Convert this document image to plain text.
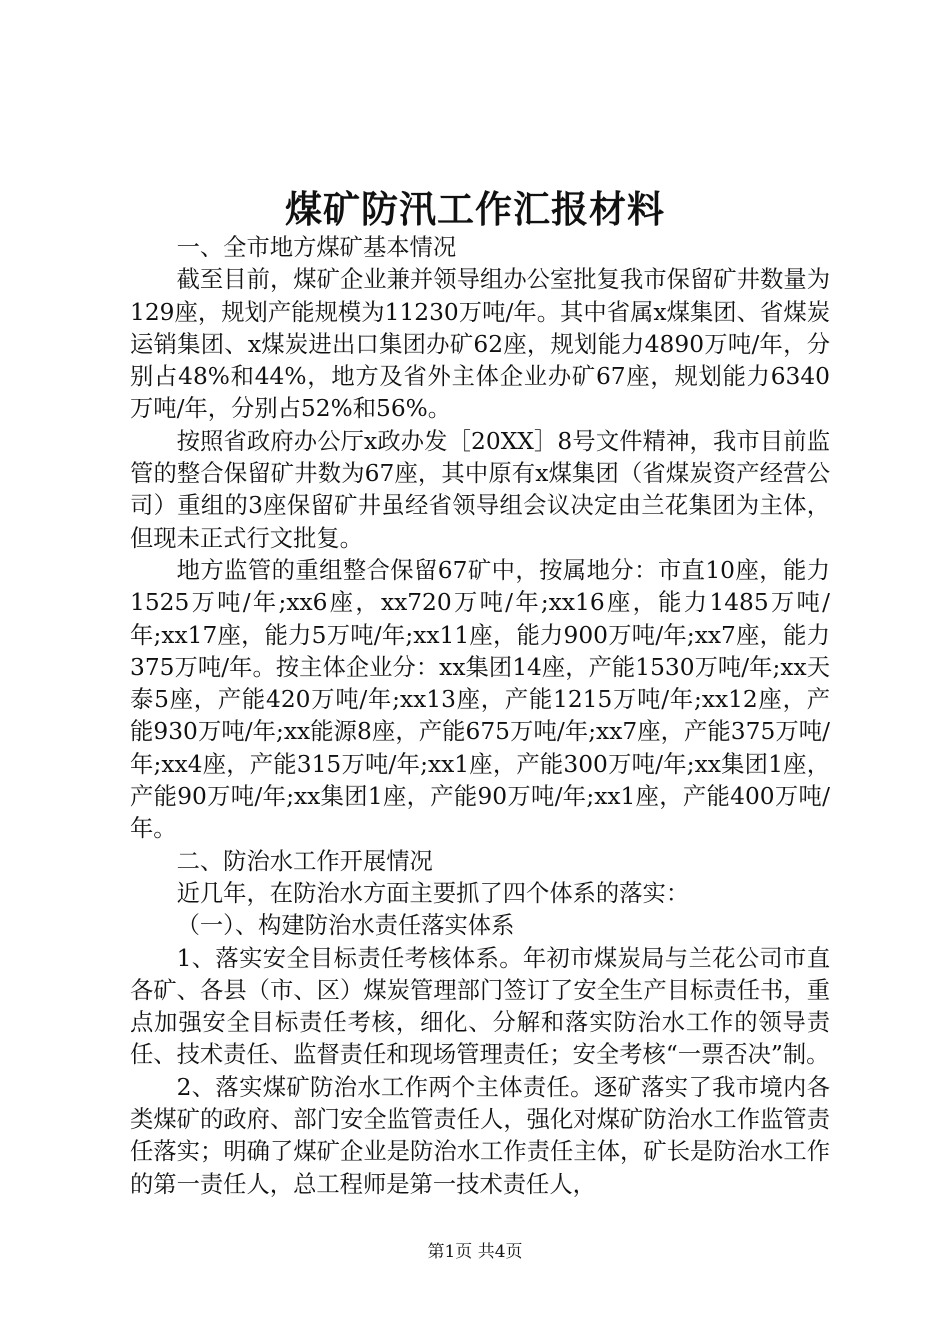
煤矿防汛工作汇报材料

一、全市地方煤矿基本情况

截至目前，煤矿企业兼并领导组办公室批复我市保留矿井数量为129座，规划产能规模为11230万吨/年。其中省属x煤集团、省煤炭运销集团、x煤炭进出口集团办矿62座，规划能力4890万吨/年，分别占48%和44%，地方及省外主体企业办矿67座，规划能力6340万吨/年，分别占52%和56%。

按照省政府办公厅x政办发［20XX］8号文件精神，我市目前监管的整合保留矿井数为67座，其中原有x煤集团（省煤炭资产经营公司）重组的3座保留矿井虽经省领导组会议决定由兰花集团为主体，但现未正式行文批复。

地方监管的重组整合保留67矿中，按属地分：市直10座，能力1525万吨/年;xx6座，xx720万吨/年;xx16座，能力1485万吨/年;xx17座，能力5万吨/年;xx11座，能力900万吨/年;xx7座，能力375万吨/年。按主体企业分：xx集团14座，产能1530万吨/年;xx天泰5座，产能420万吨/年;xx13座，产能1215万吨/年;xx12座，产能930万吨/年;xx能源8座，产能675万吨/年;xx7座，产能375万吨/年;xx4座，产能315万吨/年;xx1座，产能300万吨/年;xx集团1座，产能90万吨/年;xx集团1座，产能90万吨/年;xx1座，产能400万吨/年。

二、防治水工作开展情况

近几年，在防治水方面主要抓了四个体系的落实：

（一）、构建防治水责任落实体系

1、落实安全目标责任考核体系。年初市煤炭局与兰花公司市直各矿、各县（市、区）煤炭管理部门签订了安全生产目标责任书，重点加强安全目标责任考核，细化、分解和落实防治水工作的领导责任、技术责任、监督责任和现场管理责任；安全考核“一票否决”制。

2、落实煤矿防治水工作两个主体责任。逐矿落实了我市境内各类煤矿的政府、部门安全监管责任人，强化对煤矿防治水工作监管责任落实；明确了煤矿企业是防治水工作责任主体，矿长是防治水工作的第一责任人，总工程师是第一技术责任人，

第1页 共4页
